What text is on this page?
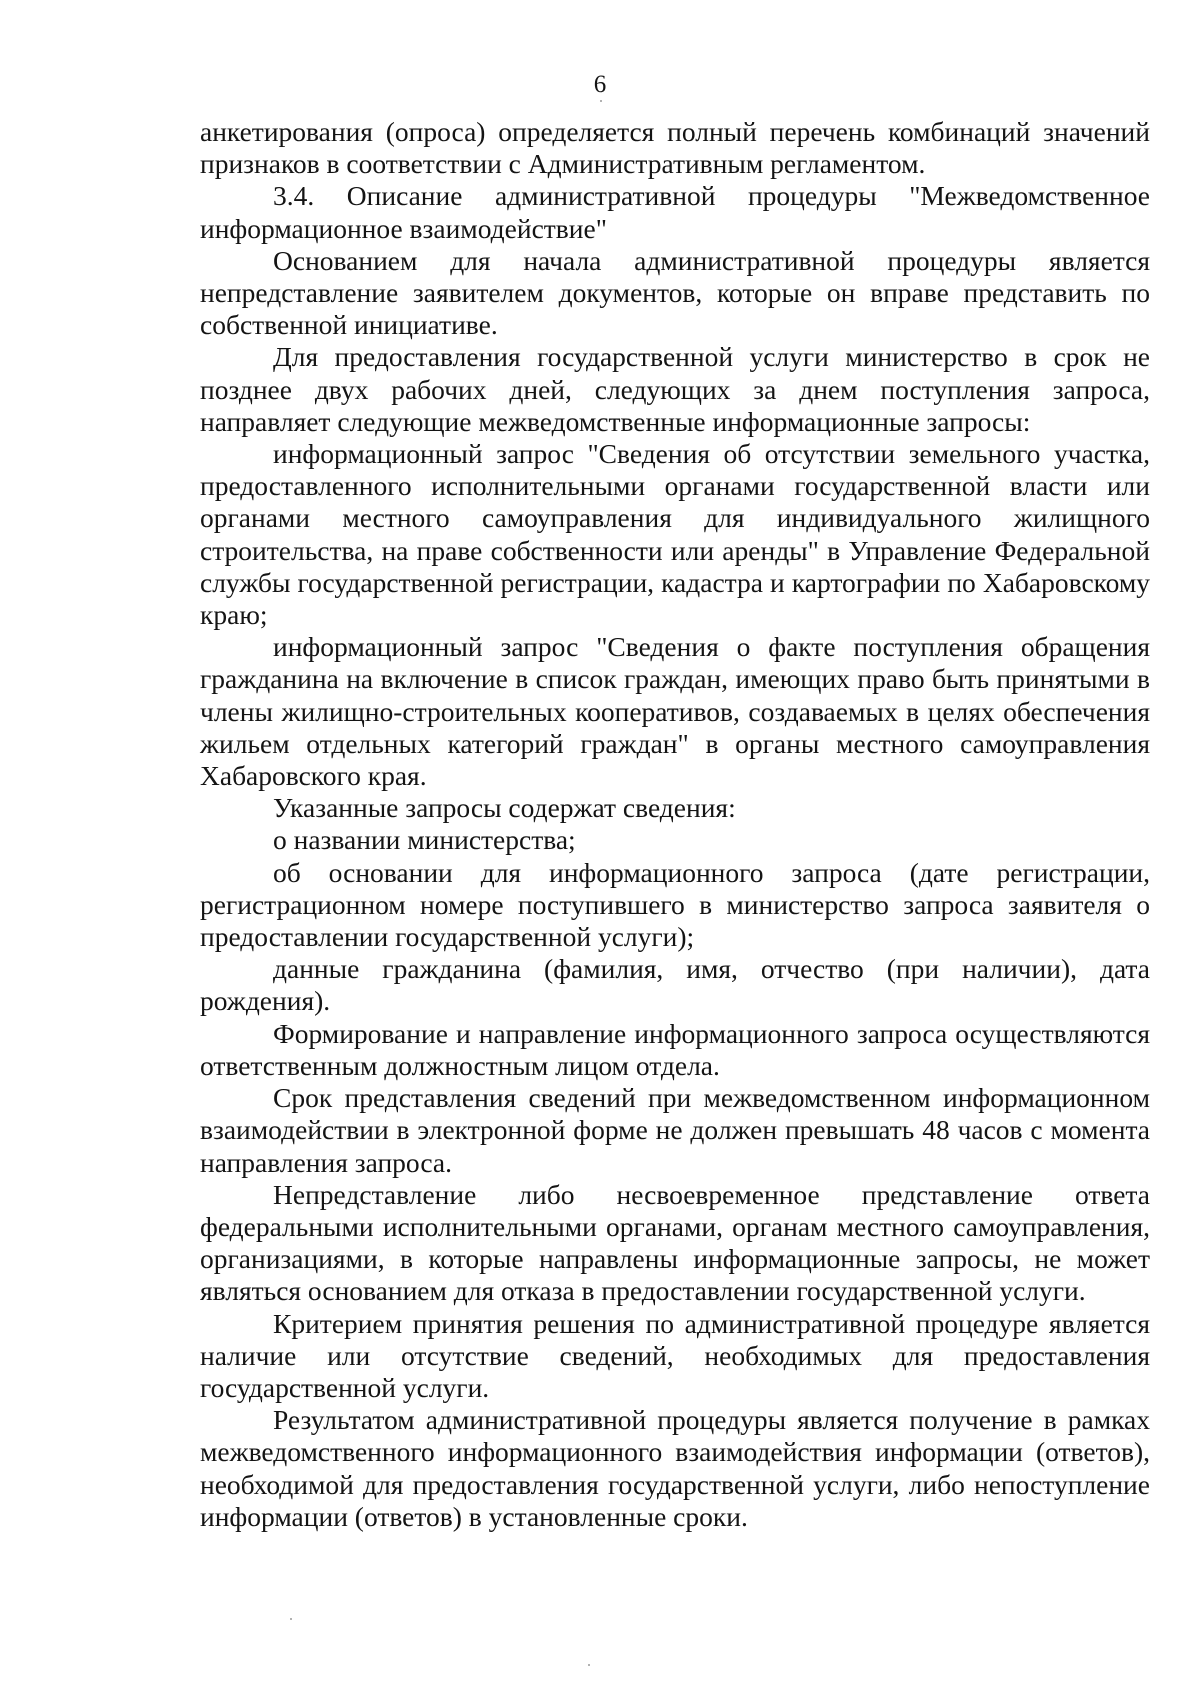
6

анкетирования (опроса) определяется полный перечень комбинаций значений признаков в соответствии с Административным регламентом.

3.4. Описание административной процедуры "Межведомственное информационное взаимодействие"

Основанием для начала административной процедуры является непредставление заявителем документов, которые он вправе представить по собственной инициативе.

Для предоставления государственной услуги министерство в срок не позднее двух рабочих дней, следующих за днем поступления запроса, направляет следующие межведомственные информационные запросы:

информационный запрос "Сведения об отсутствии земельного участка, предоставленного исполнительными органами государственной власти или органами местного самоуправления для индивидуального жилищного строительства, на праве собственности или аренды" в Управление Федеральной службы государственной регистрации, кадастра и картографии по Хабаровскому краю;

информационный запрос "Сведения о факте поступления обращения гражданина на включение в список граждан, имеющих право быть принятыми в члены жилищно-строительных кооперативов, создаваемых в целях обеспечения жильем отдельных категорий граждан" в органы местного самоуправления Хабаровского края.

Указанные запросы содержат сведения:

о названии министерства;

об основании для информационного запроса (дате регистрации, регистрационном номере поступившего в министерство запроса заявителя о предоставлении государственной услуги);

данные гражданина (фамилия, имя, отчество (при наличии), дата рождения).

Формирование и направление информационного запроса осуществляются ответственным должностным лицом отдела.

Срок представления сведений при межведомственном информационном взаимодействии в электронной форме не должен превышать 48 часов с момента направления запроса.

Непредставление либо несвоевременное представление ответа федеральными исполнительными органами, органам местного самоуправления, организациями, в которые направлены информационные запросы, не может являться основанием для отказа в предоставлении государственной услуги.

Критерием принятия решения по административной процедуре является наличие или отсутствие сведений, необходимых для предоставления государственной услуги.

Результатом административной процедуры является получение в рамках межведомственного информационного взаимодействия информации (ответов), необходимой для предоставления государственной услуги, либо непоступление информации (ответов) в установленные сроки.
